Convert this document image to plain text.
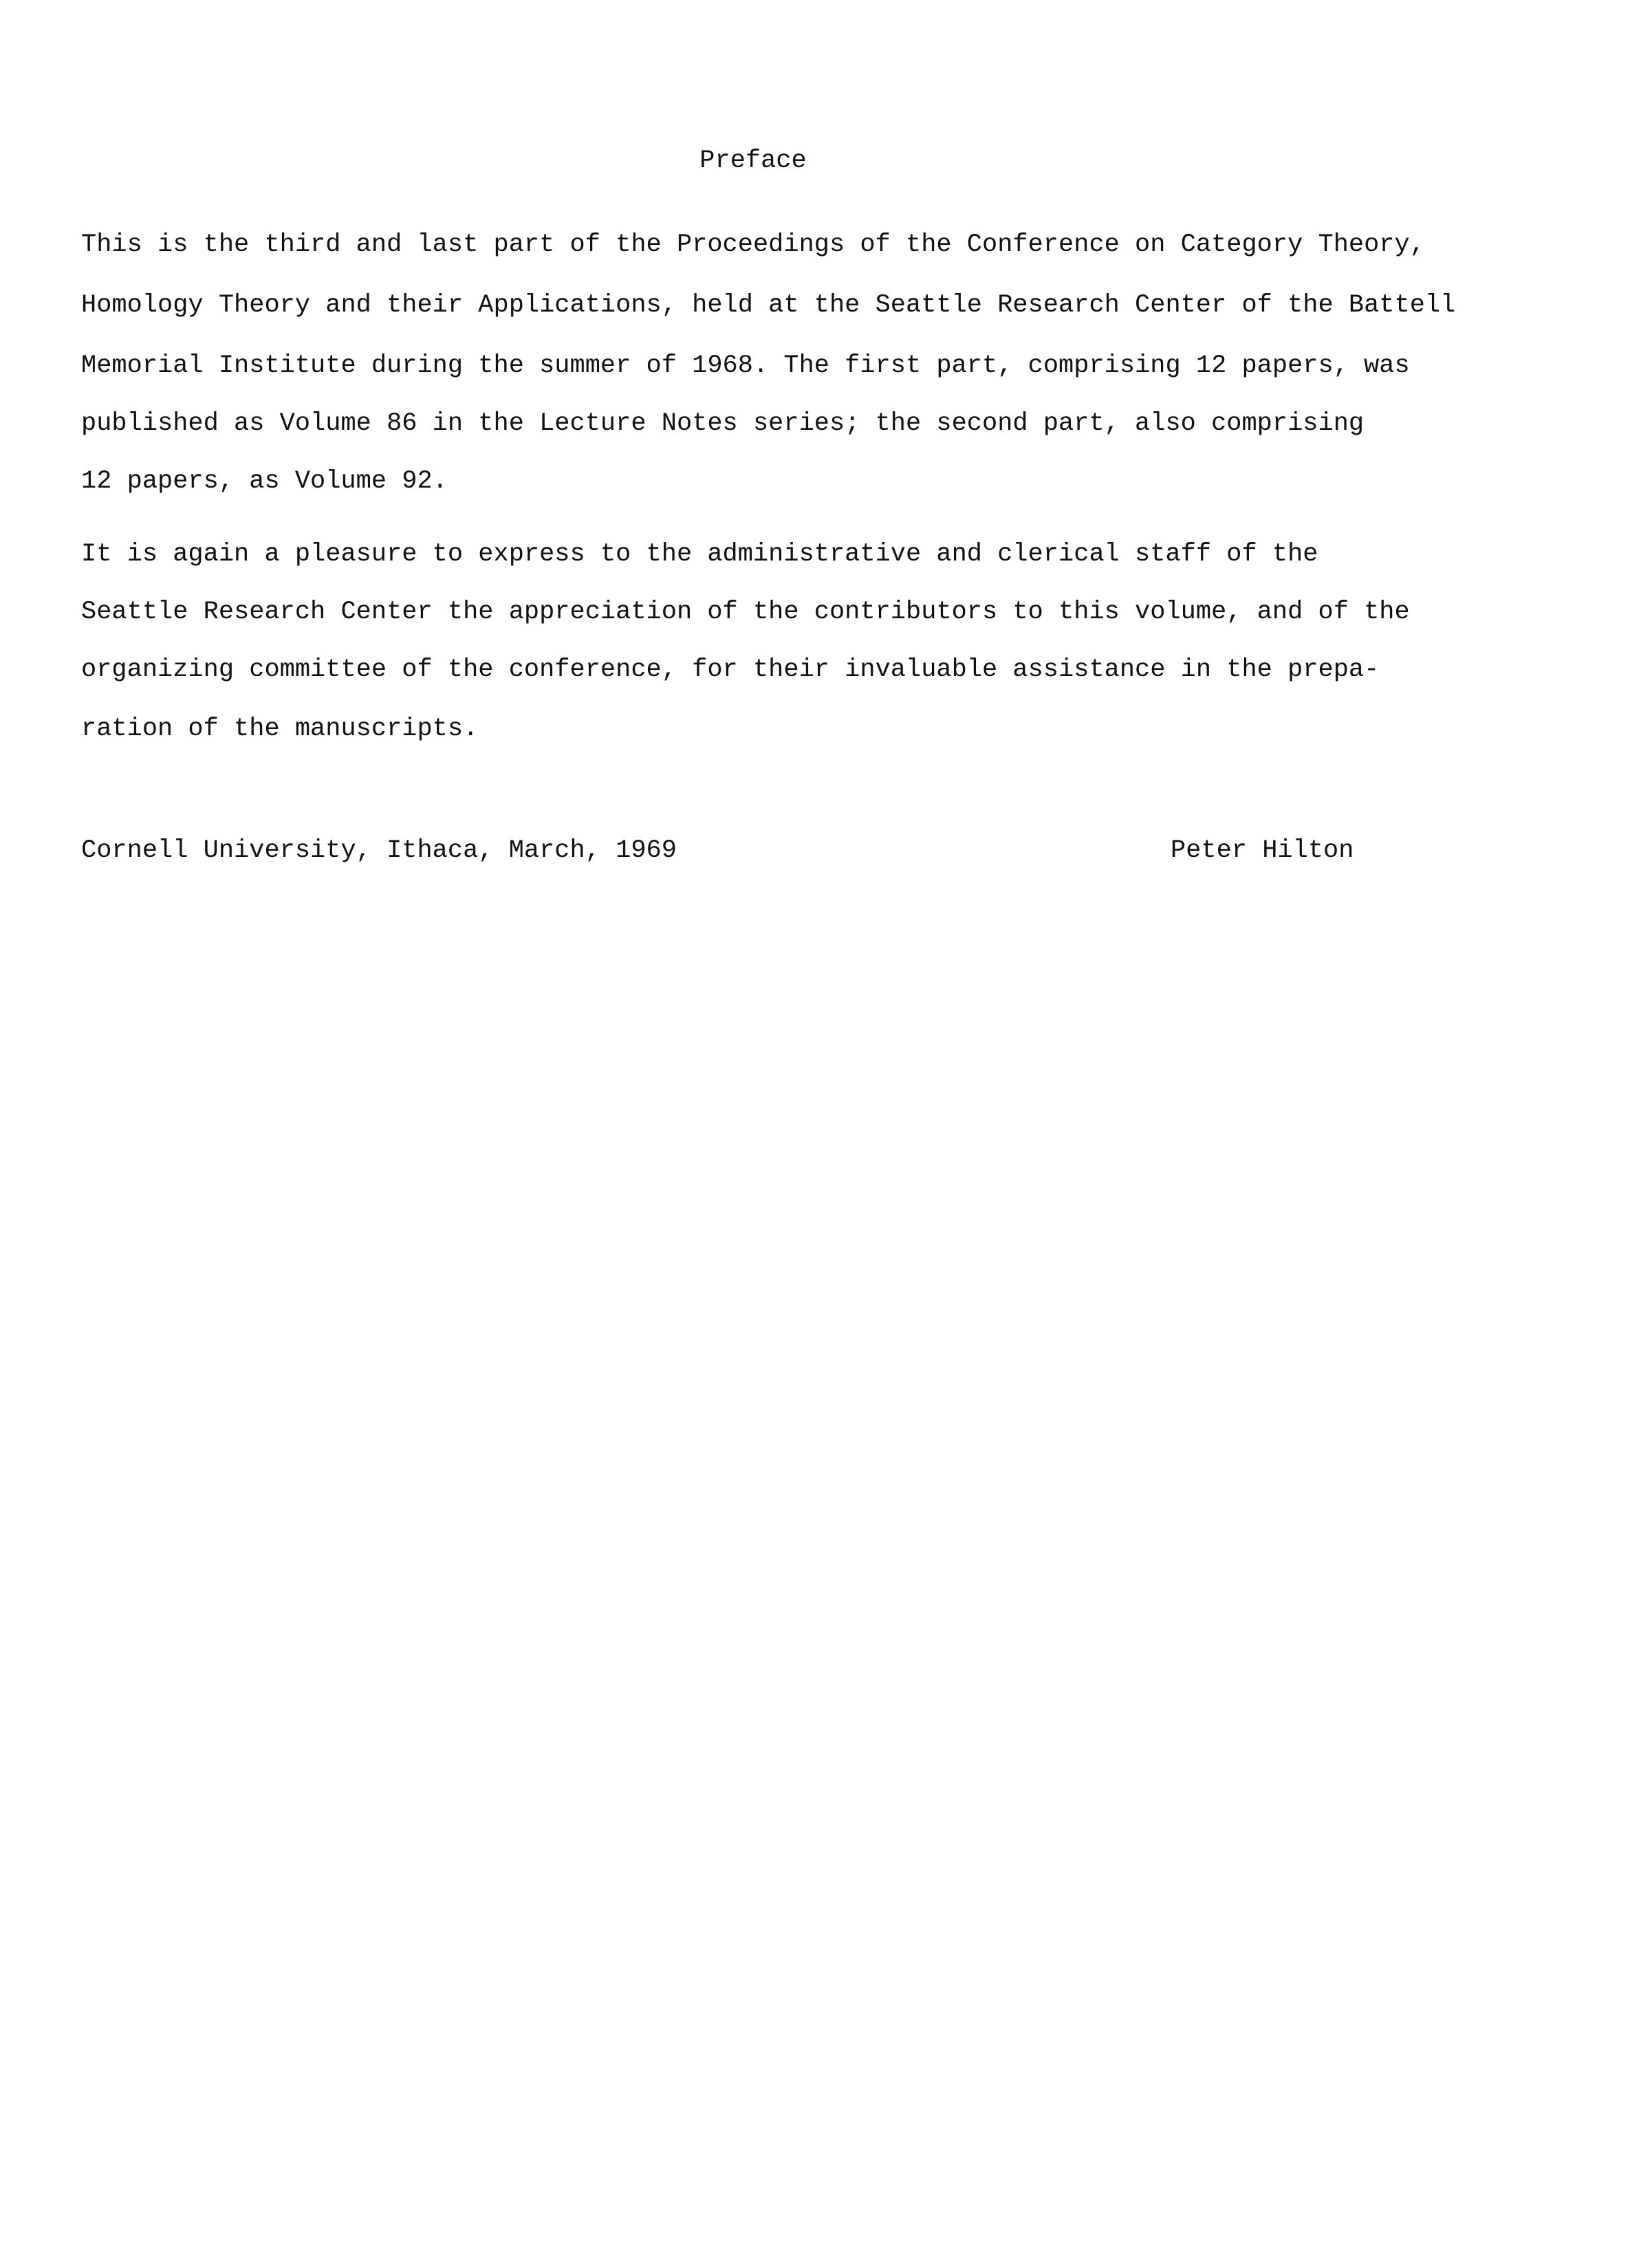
Preface
This is the third and last part of the Proceedings of the Conference on Category Theory,
Homology Theory and their Applications, held at the Seattle Research Center of the Battell
Memorial Institute during the summer of 1968. The first part, comprising 12 papers, was
published as Volume 86 in the Lecture Notes series; the second part, also comprising
12 papers, as Volume 92.
It is again a pleasure to express to the administrative and clerical staff of the
Seattle Research Center the appreciation of the contributors to this volume, and of the
organizing committee of the conference, for their invaluable assistance in the prepa-
ration of the manuscripts.
Cornell University, Ithaca, March, 1969	Peter Hilton
